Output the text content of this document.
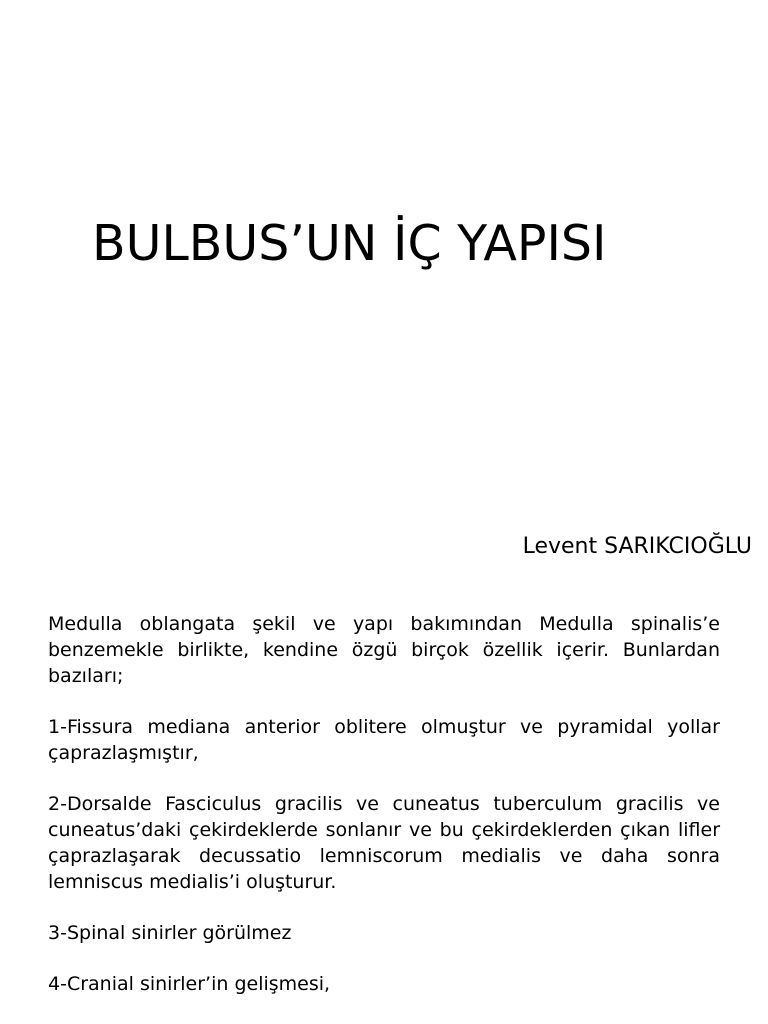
BULBUS’UN İÇ YAPISI

Levent SARIKCIOĞLU

Medulla oblangata şekil ve yapı bakımından Medulla spinalis’e benzemekle birlikte, kendine özgü birçok özellik içerir. Bunlardan bazıları;

1-Fissura mediana anterior oblitere olmuştur ve pyramidal yollar çaprazlaşmıştır,

2-Dorsalde Fasciculus gracilis ve cuneatus tuberculum gracilis ve cuneatus’daki çekirdeklerde sonlanır ve bu çekirdeklerden çıkan lifler çaprazlaşarak decussatio lemniscorum medialis ve daha sonra lemniscus medialis’i oluşturur.

3-Spinal sinirler görülmez

4-Cranial sinirler’in gelişmesi,
